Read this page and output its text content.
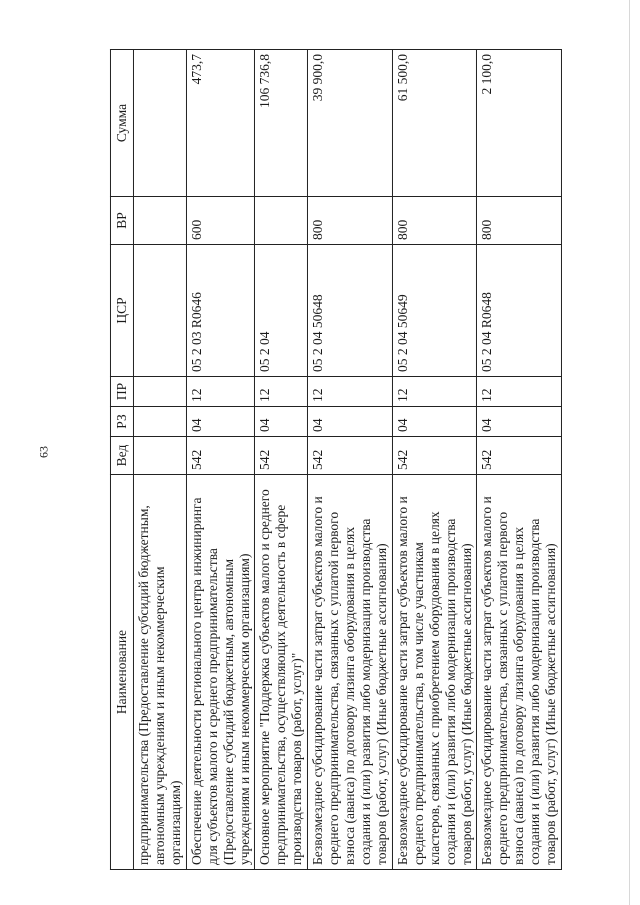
63
Наименование	Вед	РЗ	ПР	ЦСР	ВР	Сумма
предпринимательства (Предоставление субсидий бюджетным, автономным учреждениям и иным некоммерческим организациям)						
Обеспечение деятельности регионального центра инжиниринга для субъектов малого и среднего предпринимательства (Предоставление субсидий бюджетным, автономным учреждениям и иным некоммерческим организациям)	542	04	12	05 2 03 R0646	600	473,7
Основное мероприятие "Поддержка субъектов малого и среднего предпринимательства, осуществляющих деятельность в сфере производства товаров (работ, услуг)"	542	04	12	05 2 04		106 736,8
Безвозмездное субсидирование части затрат субъектов малого и среднего предпринимательства, связанных с уплатой первого взноса (аванса) по договору лизинга оборудования в целях создания и (или) развития либо модернизации производства товаров (работ, услуг) (Иные бюджетные ассигнования)	542	04	12	05 2 04 50648	800	39 900,0
Безвозмездное субсидирование части затрат субъектов малого и среднего предпринимательства, в том числе участникам кластеров, связанных с приобретением оборудования в целях создания и (или) развития либо модернизации производства товаров (работ, услуг) (Иные бюджетные ассигнования)	542	04	12	05 2 04 50649	800	61 500,0
Безвозмездное субсидирование части затрат субъектов малого и среднего предпринимательства, связанных с уплатой первого взноса (аванса) по договору лизинга оборудования в целях создания и (или) развития либо модернизации производства товаров (работ, услуг) (Иные бюджетные ассигнования)	542	04	12	05 2 04 R0648	800	2 100,0
